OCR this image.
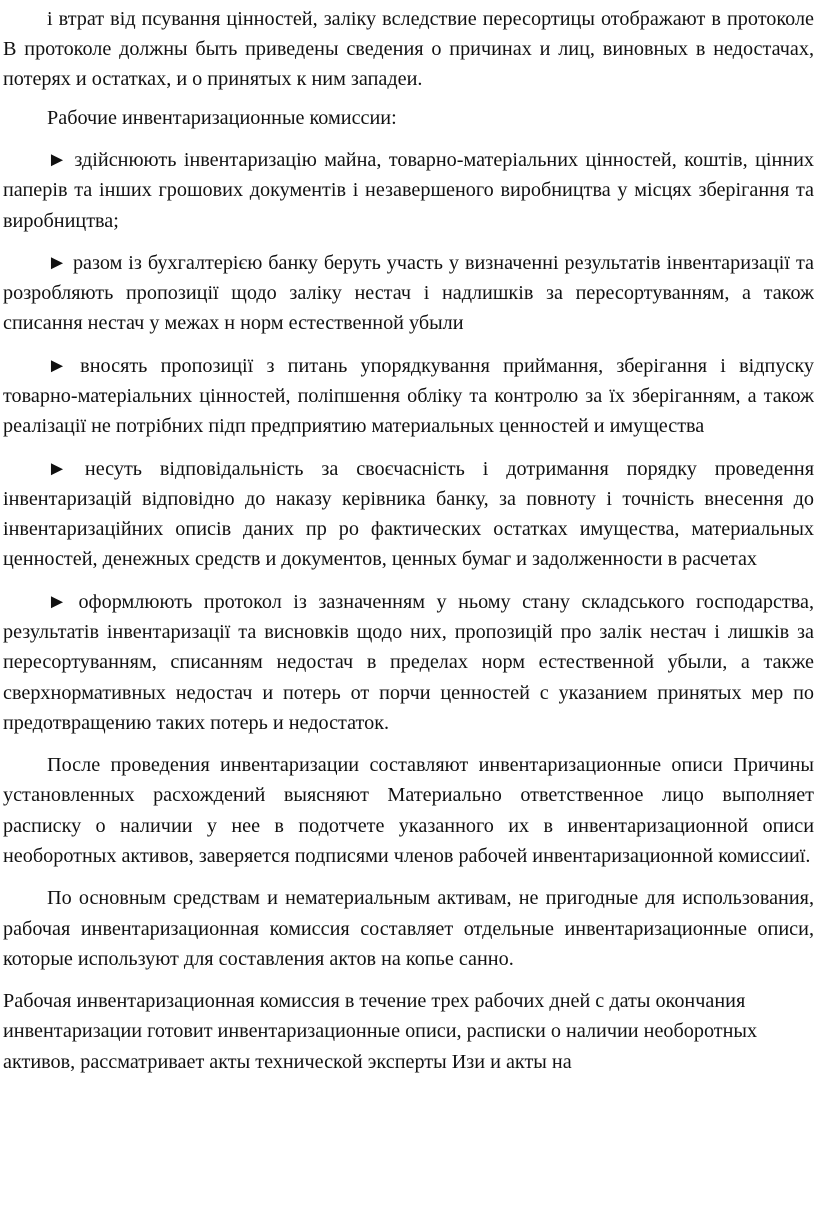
і втрат від псування цінностей, заліку вследствие пересортицы отображают в протоколе В протоколе должны быть приведены сведения о причинах и лиц, виновных в недостачах, потерях и остатках, и о принятых к ним западеи.

Рабочие инвентаризационные комиссии:

► здійснюють інвентаризацію майна, товарно-матеріальних цінностей, коштів, цінних паперів та інших грошових документів і незавершеного виробництва у місцях зберігання та виробництва;

► разом із бухгалтерією банку беруть участь у визначенні результатів інвентаризації та розробляють пропозиції щодо заліку нестач і надлишків за пересортуванням, а також списання нестач у межах н норм естественной убыли

► вносять пропозиції з питань упорядкування приймання, зберігання і відпуску товарно-матеріальних цінностей, поліпшення обліку та контролю за їх зберіганням, а також реалізації не потрібних підп предприятию материальных ценностей и имущества

► несуть відповідальність за своєчасність і дотримання порядку проведення інвентаризацій відповідно до наказу керівника банку, за повноту і точність внесення до інвентаризаційних описів даних пр ро фактических остатках имущества, материальных ценностей, денежных средств и документов, ценных бумаг и задолженности в расчетах

► оформлюють протокол із зазначенням у ньому стану складського господарства, результатів інвентаризації та висновків щодо них, пропозицій про залік нестач і лишків за пересортуванням, списанням недостач в пределах норм естественной убыли, а также сверхнормативных недостач и потерь от порчи ценностей с указанием принятых мер по предотвращению таких потерь и недостаток.

После проведения инвентаризации составляют инвентаризационные описи Причины установленных расхождений выясняют Материально ответственное лицо выполняет расписку о наличии у нее в подотчете указанного их в инвентаризационной описи необоротных активов, заверяется подписями членов рабочей инвентаризационной комиссииї.

По основным средствам и нематериальным активам, не пригодные для использования, рабочая инвентаризационная комиссия составляет отдельные инвентаризационные описи, которые используют для составления актов на копье санно.

Рабочая инвентаризационная комиссия в течение трех рабочих дней с даты окончания инвентаризации готовит инвентаризационные описи, расписки о наличии необоротных активов, рассматривает акты технической эксперты Изи и акты на
